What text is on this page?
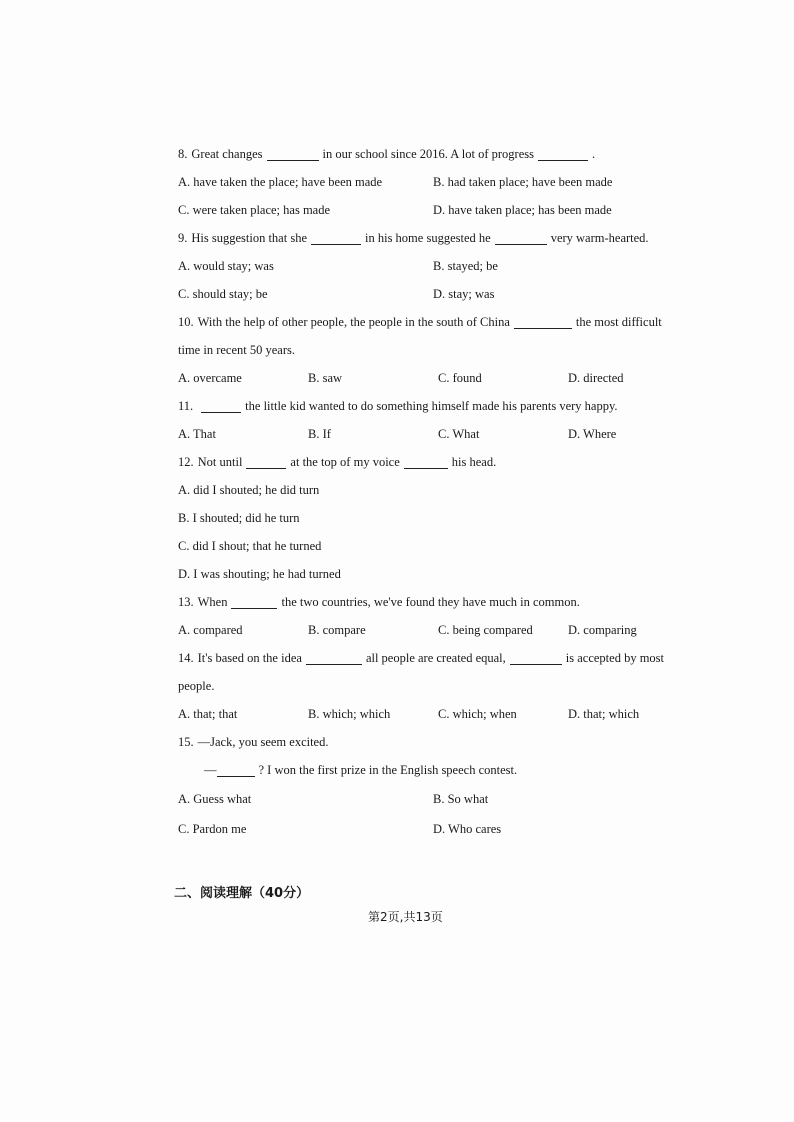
8. Great changes	in our school since 2016. A lot of progress	.
A. have taken the place; have been made	B. had taken place; have been made
C. were taken place; has made	D. have taken place; has been made
9. His suggestion that she	in his home suggested he	very warm-hearted.
A. would stay; was	B. stayed; be
C. should stay; be	D. stay; was
10. With the help of other people, the people in the south of China	the most difficult
time in recent 50 years.
A. overcame	B. saw	C. found	D. directed
11.	the little kid wanted to do something himself made his parents very happy.
A. That	B. If	C. What	D. Where
12. Not until	at the top of my voice	his head.
A. did I shouted; he did turn
B. I shouted; did he turn
C. did I shout; that he turned
D. I was shouting; he had turned
13. When	the two countries, we've found they have much in common.
A. compared	B. compare	C. being compared	D. comparing
14. It's based on the idea	all people are created equal,	is accepted by most
people.
A. that; that	B. which; which	C. which; when	D. that; which
15. —Jack, you seem excited.
—	? I won the first prize in the English speech contest.
A. Guess what	B. So what
C. Pardon me	D. Who cares
二、阅读理解（40分）
第2页,共13页
